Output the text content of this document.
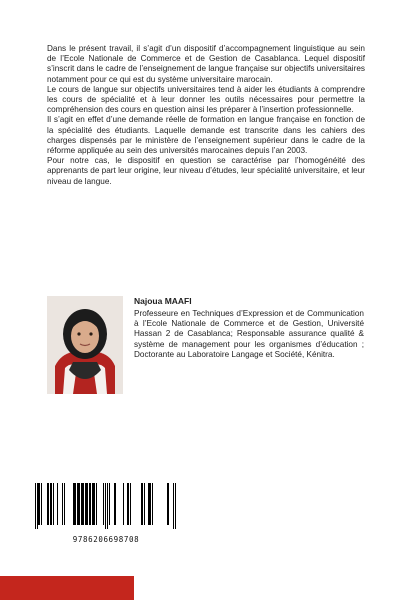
Dans le présent travail, il s’agit d’un dispositif d’accompagnement linguistique au sein de l’Ecole Nationale de Commerce et de Gestion de Casablanca. Lequel dispositif s’inscrit dans le cadre de l’enseignement de langue française sur objectifs universitaires notamment pour ce qui est du système universitaire marocain.

Le cours de langue sur objectifs universitaires tend à aider les étudiants à comprendre les cours de spécialité et à leur donner les outils nécessaires pour permettre la compréhension des cours en question ainsi les préparer à l’insertion professionnelle.

Il s’agit en effet d’une demande réelle de formation en langue française en fonction de la spécialité des étudiants. Laquelle demande est transcrite dans les cahiers des charges dispensés par le ministère de l’enseignement supérieur dans le cadre de la réforme appliquée au sein des universités marocaines depuis l’an 2003.

Pour notre cas, le dispositif en question se caractérise par l’homogénéité des apprenants de part leur origine, leur niveau d’études, leur spécialité universitaire, et leur niveau de langue.

Najoua MAAFI

Professeure en Techniques d’Expression et de Communication à l’Ecole Nationale de Commerce et de Gestion, Université Hassan 2 de Casablanca; Responsable assurance qualité & système de management pour les organismes d’éducation ; Doctorante au Laboratoire Langage et Société, Kénitra.

9786206698708
